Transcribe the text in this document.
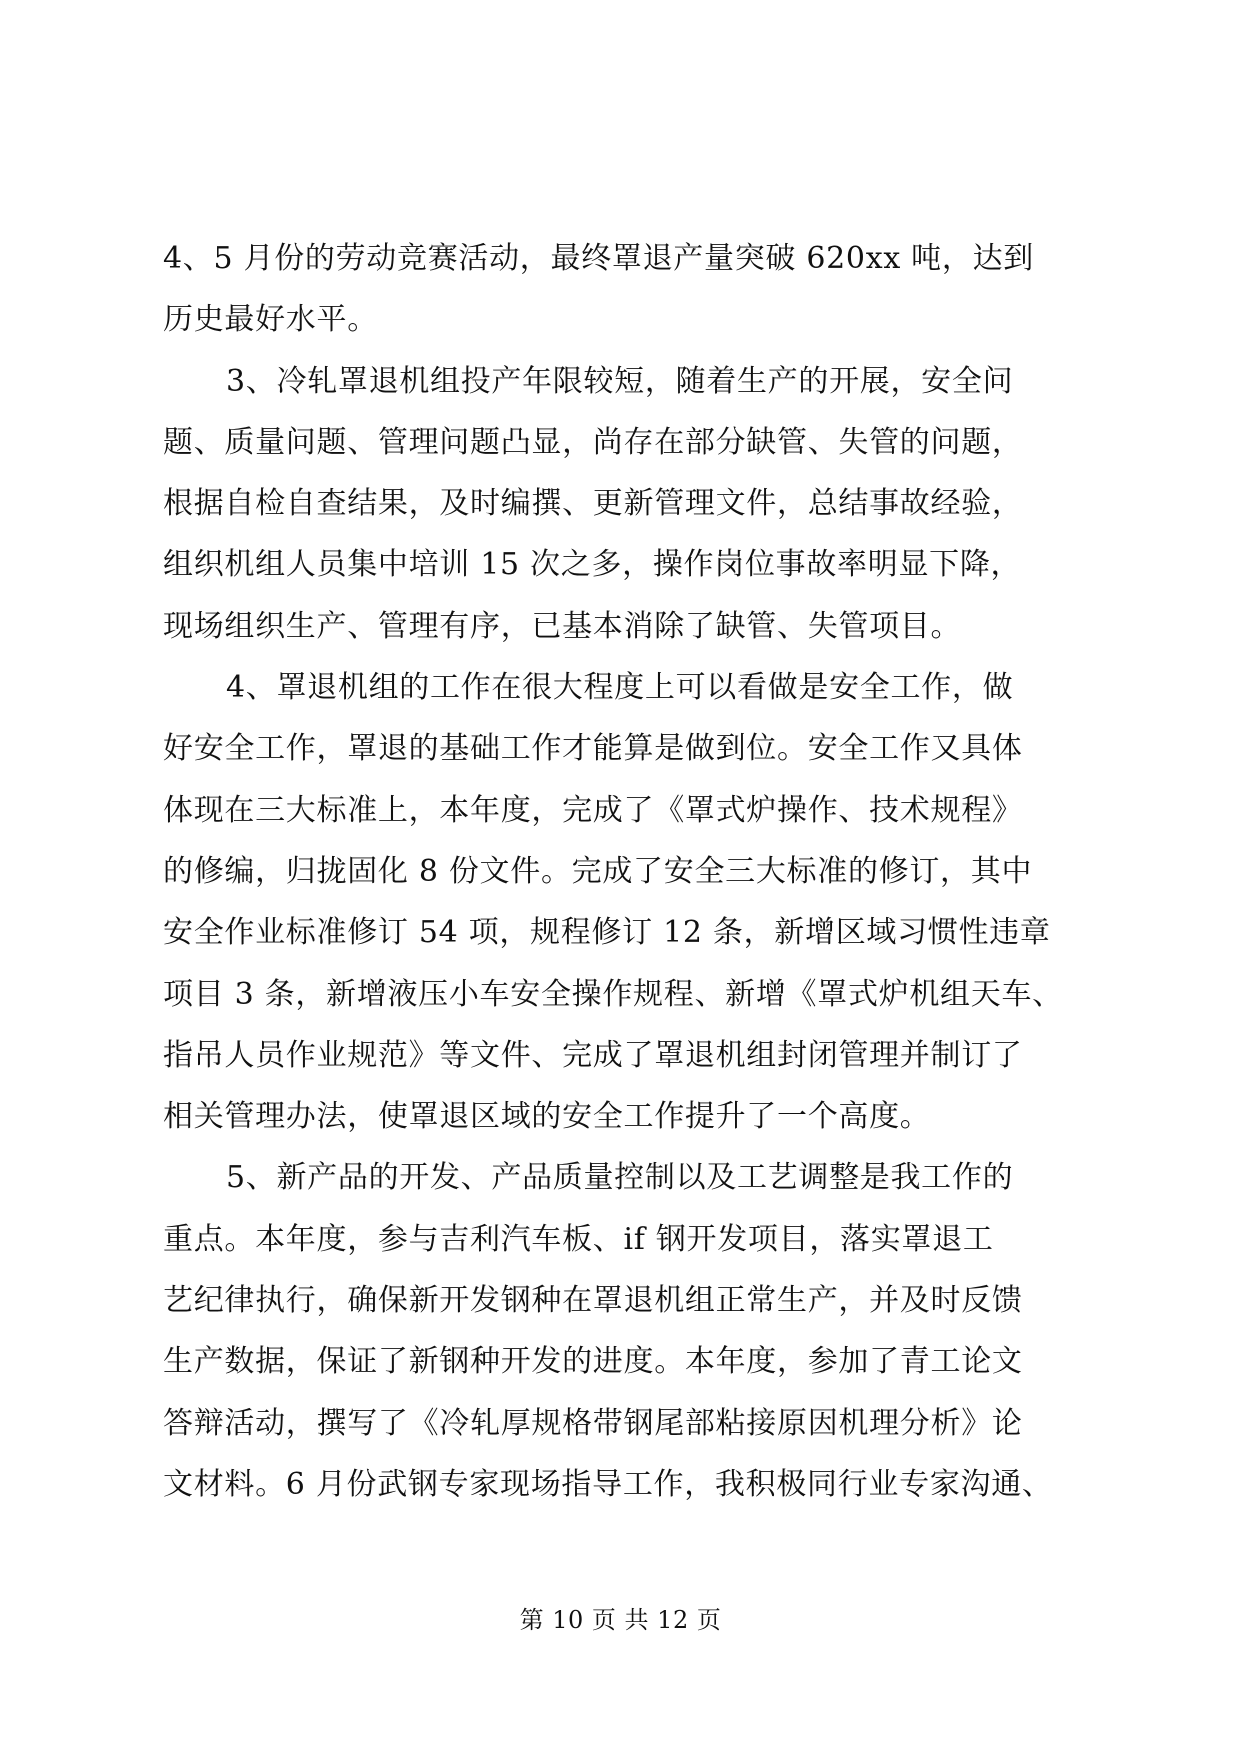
4、5 月份的劳动竞赛活动，最终罩退产量突破 620xx 吨，达到
历史最好水平。
3、冷轧罩退机组投产年限较短，随着生产的开展，安全问
题、质量问题、管理问题凸显，尚存在部分缺管、失管的问题，
根据自检自查结果，及时编撰、更新管理文件，总结事故经验，
组织机组人员集中培训 15 次之多，操作岗位事故率明显下降，
现场组织生产、管理有序，已基本消除了缺管、失管项目。
4、罩退机组的工作在很大程度上可以看做是安全工作，做
好安全工作，罩退的基础工作才能算是做到位。安全工作又具体
体现在三大标准上，本年度，完成了《罩式炉操作、技术规程》
的修编，归拢固化 8 份文件。完成了安全三大标准的修订，其中
安全作业标准修订 54 项，规程修订 12 条，新增区域习惯性违章
项目 3 条，新增液压小车安全操作规程、新增《罩式炉机组天车、
指吊人员作业规范》等文件、完成了罩退机组封闭管理并制订了
相关管理办法，使罩退区域的安全工作提升了一个高度。
5、新产品的开发、产品质量控制以及工艺调整是我工作的
重点。本年度，参与吉利汽车板、if 钢开发项目，落实罩退工
艺纪律执行，确保新开发钢种在罩退机组正常生产，并及时反馈
生产数据，保证了新钢种开发的进度。本年度，参加了青工论文
答辩活动，撰写了《冷轧厚规格带钢尾部粘接原因机理分析》论
文材料。6 月份武钢专家现场指导工作，我积极同行业专家沟通、
第 10 页 共 12 页
